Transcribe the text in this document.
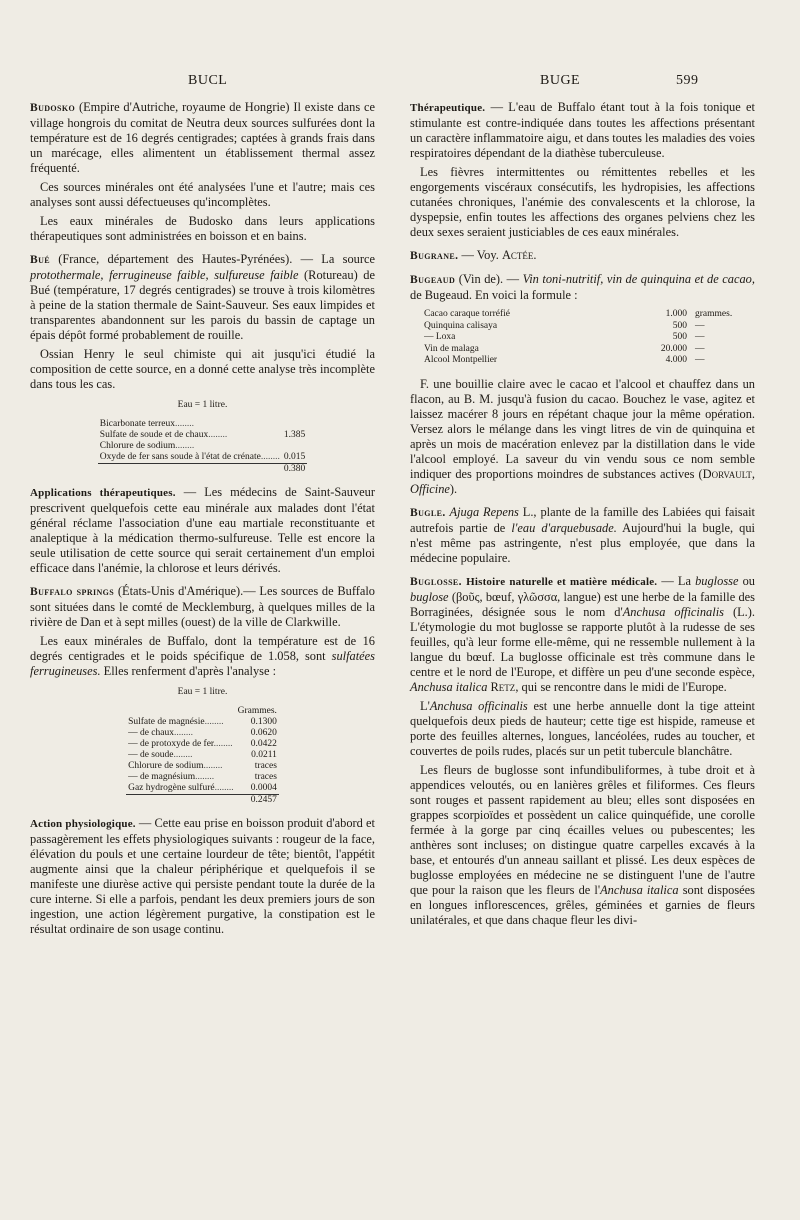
BUCL	BUGE	599

Budosko (Empire d'Autriche, royaume de Hongrie) Il existe dans ce village hongrois du comitat de Neutra deux sources sulfurées dont la température est de 16 degrés centigrades; captées à grands frais dans un marécage, elles alimentent un établissement thermal assez fréquenté.

Ces sources minérales ont été analysées l'une et l'autre; mais ces analyses sont aussi défectueuses qu'incomplètes.

Les eaux minérales de Budosko dans leurs applications thérapeutiques sont administrées en boisson et en bains.

Bué (France, département des Hautes-Pyrénées). — La source protothermale, ferrugineuse faible, sulfureuse faible (Rotureau) de Bué (température, 17 degrés centigrades) se trouve à trois kilomètres à peine de la station thermale de Saint-Sauveur. Ses eaux limpides et transparentes abandonnent sur les parois du bassin de captage un épais dépôt formé probablement de rouille.

Ossian Henry le seul chimiste qui ait jusqu'ici étudié la composition de cette source, en a donné cette analyse très incomplète dans tous les cas.

Eau = 1 litre.
Bicarbonate terreux........	
Sulfate de soude et de chaux........	1.385
Chlorure de sodium........	
Oxyde de fer sans soude à l'état de crénate........	0.015
	0.380

Applications thérapeutiques. — Les médecins de Saint-Sauveur prescrivent quelquefois cette eau minérale aux malades dont l'état général réclame l'association d'une eau martiale reconstituante et analeptique à la médication thermo-sulfureuse. Telle est encore la seule utilisation de cette source qui serait certainement d'un emploi efficace dans l'anémie, la chlorose et leurs dérivés.

Buffalo springs (États-Unis d'Amérique).— Les sources de Buffalo sont situées dans le comté de Mecklemburg, à quelques milles de la rivière de Dan et à sept milles (ouest) de la ville de Clarkwille.

Les eaux minérales de Buffalo, dont la température est de 16 degrés centigrades et le poids spécifique de 1.058, sont sulfatées ferrugineuses. Elles renferment d'après l'analyse :

Eau = 1 litre.
	Grammes.
Sulfate de magnésie........	0.1300
— de chaux........	0.0620
— de protoxyde de fer........	0.0422
— de soude........	0.0211
Chlorure de sodium........	traces
— de magnésium........	traces
Gaz hydrogène sulfuré........	0.0004
	0.2457

Action physiologique. — Cette eau prise en boisson produit d'abord et passagèrement les effets physiologiques suivants : rougeur de la face, élévation du pouls et une certaine lourdeur de tête; bientôt, l'appétit augmente ainsi que la chaleur périphérique et quelquefois il se manifeste une diurèse active qui persiste pendant toute la durée de la cure interne. Si elle a parfois, pendant les deux premiers jours de son ingestion, une action légèrement purgative, la constipation est le résultat ordinaire de son usage continu.

Thérapeutique. — L'eau de Buffalo étant tout à la fois tonique et stimulante est contre-indiquée dans toutes les affections présentant un caractère inflammatoire aigu, et dans toutes les maladies des voies respiratoires dépendant de la diathèse tuberculeuse.

Les fièvres intermittentes ou rémittentes rebelles et les engorgements viscéraux consécutifs, les hydropisies, les affections cutanées chroniques, l'anémie des convalescents et la chlorose, la dyspepsie, enfin toutes les affections des organes pelviens chez les deux sexes seraient justiciables de ces eaux minérales.

Bugrane. — Voy. Actée.

Bugeaud (Vin de). — Vin toni-nutritif, vin de quinquina et de cacao, de Bugeaud. En voici la formule :

Cacao caraque torréfié	1.000 grammes.
Quinquina calisaya	500 —
— Loxa	500 —
Vin de malaga	20.000 —
Alcool Montpellier	4.000 —

F. une bouillie claire avec le cacao et l'alcool et chauffez dans un flacon, au B. M. jusqu'à fusion du cacao. Bouchez le vase, agitez et laissez macérer 8 jours en répétant chaque jour la même opération. Versez alors le mélange dans les vingt litres de vin de quinquina et après un mois de macération enlevez par la distillation dans le vide l'alcool employé. La saveur du vin vendu sous ce nom semble indiquer des proportions moindres de substances actives (Dorvault, Officine).

Bugle. Ajuga Repens L., plante de la famille des Labiées qui faisait autrefois partie de l'eau d'arquebusade. Aujourd'hui la bugle, qui n'est même pas astringente, n'est plus employée, que dans la médecine populaire.

Buglosse. Histoire naturelle et matière médicale. — La buglosse ou buglose (βοῦς, bœuf, γλῶσσα, langue) est une herbe de la famille des Borraginées, désignée sous le nom d'Anchusa officinalis (L.). L'étymologie du mot buglosse se rapporte plutôt à la rudesse de ses feuilles, qu'à leur forme elle-même, qui ne ressemble nullement à la langue du bœuf. La buglosse officinale est très commune dans le centre et le nord de l'Europe, et diffère un peu d'une seconde espèce, Anchusa italica Retz, qui se rencontre dans le midi de l'Europe.

L'Anchusa officinalis est une herbe annuelle dont la tige atteint quelquefois deux pieds de hauteur; cette tige est hispide, rameuse et porte des feuilles alternes, longues, lancéolées, rudes au toucher, et couvertes de poils rudes, placés sur un petit tubercule blanchâtre.

Les fleurs de buglosse sont infundibuliformes, à tube droit et à appendices veloutés, ou en lanières grêles et filiformes. Ces fleurs sont rouges et passent rapidement au bleu; elles sont disposées en grappes scorpioïdes et possèdent un calice quinquéfide, une corolle fermée à la gorge par cinq écailles velues ou pubescentes; les anthères sont incluses; on distingue quatre carpelles excavés à la base, et entourés d'un anneau saillant et plissé. Les deux espèces de buglosse employées en médecine ne se distinguent l'une de l'autre que pour la raison que les fleurs de l'Anchusa italica sont disposées en longues inflorescences, grêles, géminées et garnies de fleurs unilatérales, et que dans chaque fleur les divi-
